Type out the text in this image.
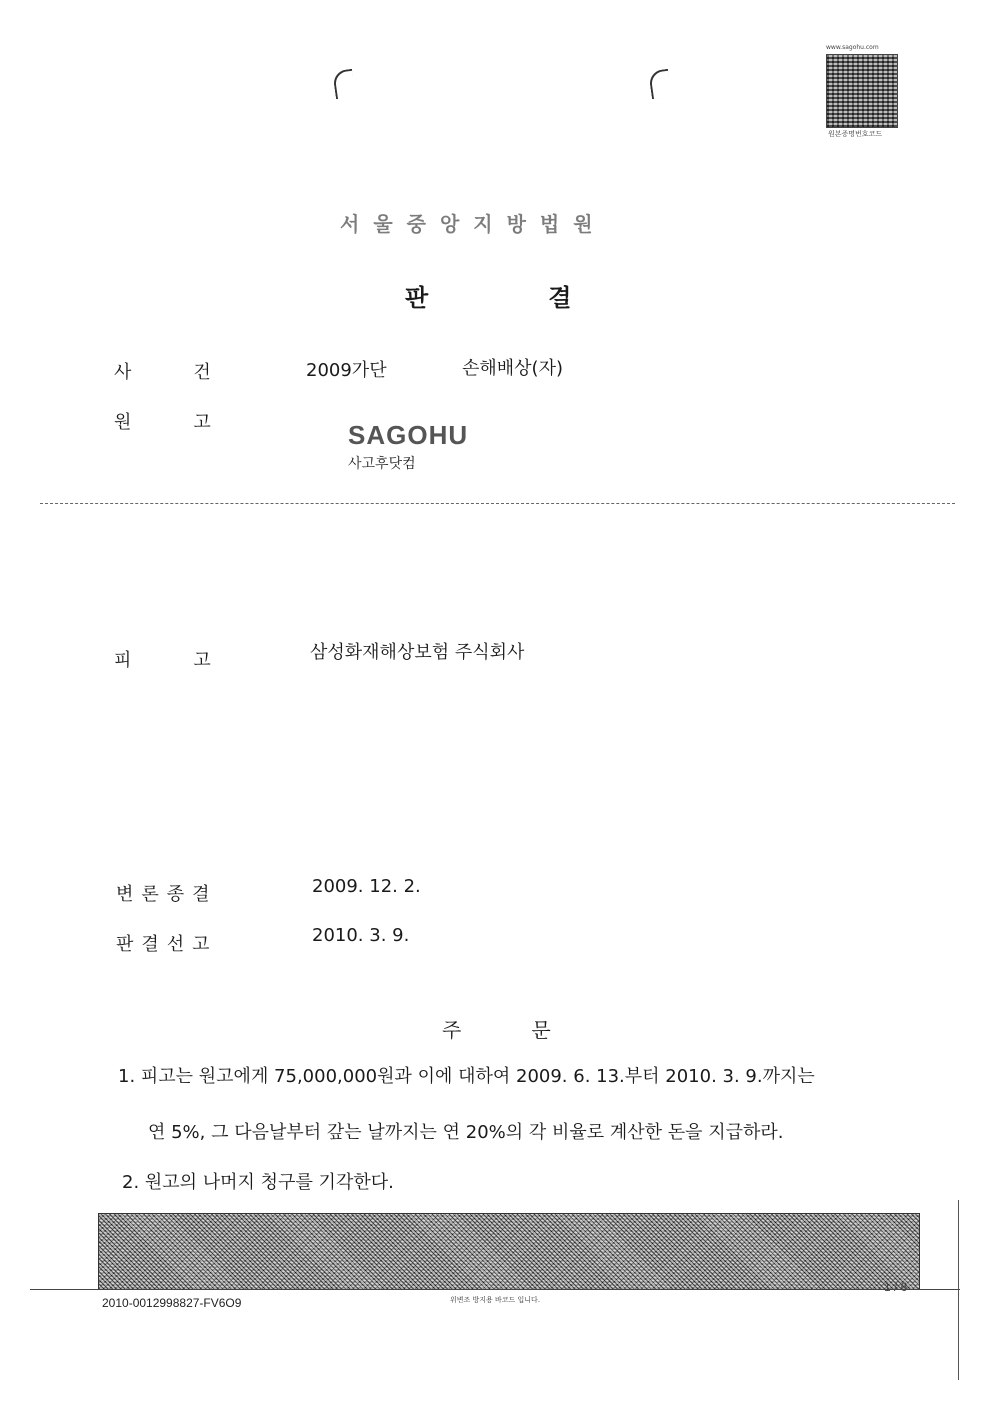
www.sagohu.com
원본증명번호코드
서울중앙지방법원
판	결
사	건	2009가단	손해배상(자)
원	고	SAGOHU
사고후닷컴
피	고	삼성화재해상보험 주식회사
변론종결	2009. 12. 2.
판결선고	2010. 3. 9.
주	문
1. 피고는 원고에게 75,000,000원과 이에 대하여 2009. 6. 13.부터 2010. 3. 9.까지는
연 5%, 그 다음날부터 갚는 날까지는 연 20%의 각 비율로 계산한 돈을 지급하라.
2. 원고의 나머지 청구를 기각한다.
1 / 6
2010-0012998827-FV6O9	위변조 방지용 바코드 입니다.
